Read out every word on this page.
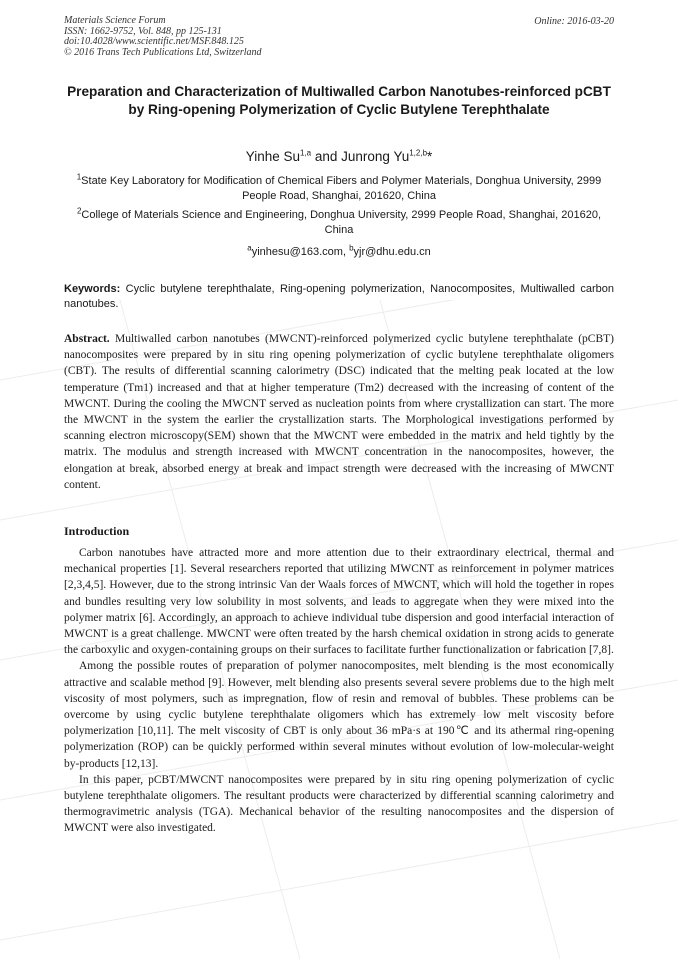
Materials Science Forum
ISSN: 1662-9752, Vol. 848, pp 125-131
doi:10.4028/www.scientific.net/MSF.848.125
© 2016 Trans Tech Publications Ltd, Switzerland
Online: 2016-03-20
Preparation and Characterization of Multiwalled Carbon Nanotubes-reinforced pCBT by Ring-opening Polymerization of Cyclic Butylene Terephthalate
Yinhe Su$^{1,a}$ and Junrong Yu$^{1,2,b}$*
$^1$State Key Laboratory for Modification of Chemical Fibers and Polymer Materials, Donghua University, 2999 People Road, Shanghai, 201620, China
$^2$College of Materials Science and Engineering, Donghua University, 2999 People Road, Shanghai, 201620, China
$^a$yinhesu@163.com, $^b$yjr@dhu.edu.cn
Keywords: Cyclic butylene terephthalate, Ring-opening polymerization, Nanocomposites, Multiwalled carbon nanotubes.
Abstract. Multiwalled carbon nanotubes (MWCNT)-reinforced polymerized cyclic butylene terephthalate (pCBT) nanocomposites were prepared by in situ ring opening polymerization of cyclic butylene terephthalate oligomers (CBT). The results of differential scanning calorimetry (DSC) indicated that the melting peak located at the low temperature (Tm1) increased and that at higher temperature (Tm2) decreased with the increasing of content of the MWCNT. During the cooling the MWCNT served as nucleation points from where crystallization can start. The more the MWCNT in the system the earlier the crystallization starts. The Morphological investigations performed by scanning electron microscopy(SEM) shown that the MWCNT were embedded in the matrix and held tightly by the matrix. The modulus and strength increased with MWCNT concentration in the nanocomposites, however, the elongation at break, absorbed energy at break and impact strength were decreased with the increasing of MWCNT content.
Introduction

Carbon nanotubes have attracted more and more attention due to their extraordinary electrical, thermal and mechanical properties [1]. Several researchers reported that utilizing MWCNT as reinforcement in polymer matrices [2,3,4,5]. However, due to the strong intrinsic Van der Waals forces of MWCNT, which will hold the together in ropes and bundles resulting very low solubility in most solvents, and leads to aggregate when they were mixed into the polymer matrix [6]. Accordingly, an approach to achieve individual tube dispersion and good interfacial interaction of MWCNT is a great challenge. MWCNT were often treated by the harsh chemical oxidation in strong acids to generate the carboxylic and oxygen-containing groups on their surfaces to facilitate further functionalization or fabrication [7,8].

Among the possible routes of preparation of polymer nanocomposites, melt blending is the most economically attractive and scalable method [9]. However, melt blending also presents several severe problems due to the high melt viscosity of most polymers, such as impregnation, flow of resin and removal of bubbles. These problems can be overcome by using cyclic butylene terephthalate oligomers which has extremely low melt viscosity before polymerization [10,11]. The melt viscosity of CBT is only about 36 mPa·s at 190℃ and its athermal ring-opening polymerization (ROP) can be quickly performed within several minutes without evolution of low-molecular-weight by-products [12,13].

In this paper, pCBT/MWCNT nanocomposites were prepared by in situ ring opening polymerization of cyclic butylene terephthalate oligomers. The resultant products were characterized by differential scanning calorimetry and thermogravimetric analysis (TGA). Mechanical behavior of the resulting nanocomposites and the dispersion of MWCNT were also investigated.
